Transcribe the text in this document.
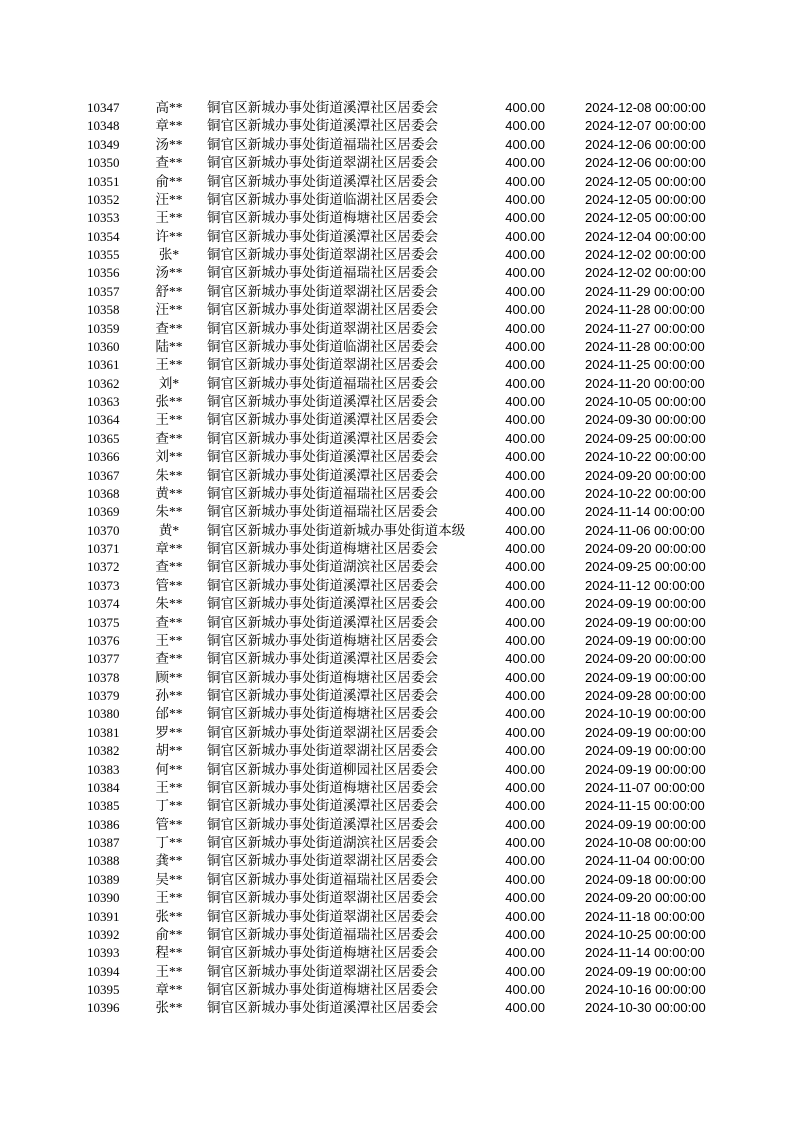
10347	高**	铜官区新城办事处街道溪潭社区居委会	400.00	2024-12-08 00:00:00
10348	章**	铜官区新城办事处街道溪潭社区居委会	400.00	2024-12-07 00:00:00
10349	汤**	铜官区新城办事处街道福瑞社区居委会	400.00	2024-12-06 00:00:00
10350	查**	铜官区新城办事处街道翠湖社区居委会	400.00	2024-12-06 00:00:00
10351	俞**	铜官区新城办事处街道溪潭社区居委会	400.00	2024-12-05 00:00:00
10352	汪**	铜官区新城办事处街道临湖社区居委会	400.00	2024-12-05 00:00:00
10353	王**	铜官区新城办事处街道梅塘社区居委会	400.00	2024-12-05 00:00:00
10354	许**	铜官区新城办事处街道溪潭社区居委会	400.00	2024-12-04 00:00:00
10355	张*	铜官区新城办事处街道翠湖社区居委会	400.00	2024-12-02 00:00:00
10356	汤**	铜官区新城办事处街道福瑞社区居委会	400.00	2024-12-02 00:00:00
10357	舒**	铜官区新城办事处街道翠湖社区居委会	400.00	2024-11-29 00:00:00
10358	汪**	铜官区新城办事处街道翠湖社区居委会	400.00	2024-11-28 00:00:00
10359	查**	铜官区新城办事处街道翠湖社区居委会	400.00	2024-11-27 00:00:00
10360	陆**	铜官区新城办事处街道临湖社区居委会	400.00	2024-11-28 00:00:00
10361	王**	铜官区新城办事处街道翠湖社区居委会	400.00	2024-11-25 00:00:00
10362	刘*	铜官区新城办事处街道福瑞社区居委会	400.00	2024-11-20 00:00:00
10363	张**	铜官区新城办事处街道溪潭社区居委会	400.00	2024-10-05 00:00:00
10364	王**	铜官区新城办事处街道溪潭社区居委会	400.00	2024-09-30 00:00:00
10365	查**	铜官区新城办事处街道溪潭社区居委会	400.00	2024-09-25 00:00:00
10366	刘**	铜官区新城办事处街道溪潭社区居委会	400.00	2024-10-22 00:00:00
10367	朱**	铜官区新城办事处街道溪潭社区居委会	400.00	2024-09-20 00:00:00
10368	黄**	铜官区新城办事处街道福瑞社区居委会	400.00	2024-10-22 00:00:00
10369	朱**	铜官区新城办事处街道福瑞社区居委会	400.00	2024-11-14 00:00:00
10370	黄*	铜官区新城办事处街道新城办事处街道本级	400.00	2024-11-06 00:00:00
10371	章**	铜官区新城办事处街道梅塘社区居委会	400.00	2024-09-20 00:00:00
10372	查**	铜官区新城办事处街道湖滨社区居委会	400.00	2024-09-25 00:00:00
10373	管**	铜官区新城办事处街道溪潭社区居委会	400.00	2024-11-12 00:00:00
10374	朱**	铜官区新城办事处街道溪潭社区居委会	400.00	2024-09-19 00:00:00
10375	查**	铜官区新城办事处街道溪潭社区居委会	400.00	2024-09-19 00:00:00
10376	王**	铜官区新城办事处街道梅塘社区居委会	400.00	2024-09-19 00:00:00
10377	查**	铜官区新城办事处街道溪潭社区居委会	400.00	2024-09-20 00:00:00
10378	顾**	铜官区新城办事处街道梅塘社区居委会	400.00	2024-09-19 00:00:00
10379	孙**	铜官区新城办事处街道溪潭社区居委会	400.00	2024-09-28 00:00:00
10380	邰**	铜官区新城办事处街道梅塘社区居委会	400.00	2024-10-19 00:00:00
10381	罗**	铜官区新城办事处街道翠湖社区居委会	400.00	2024-09-19 00:00:00
10382	胡**	铜官区新城办事处街道翠湖社区居委会	400.00	2024-09-19 00:00:00
10383	何**	铜官区新城办事处街道柳园社区居委会	400.00	2024-09-19 00:00:00
10384	王**	铜官区新城办事处街道梅塘社区居委会	400.00	2024-11-07 00:00:00
10385	丁**	铜官区新城办事处街道溪潭社区居委会	400.00	2024-11-15 00:00:00
10386	管**	铜官区新城办事处街道溪潭社区居委会	400.00	2024-09-19 00:00:00
10387	丁**	铜官区新城办事处街道湖滨社区居委会	400.00	2024-10-08 00:00:00
10388	龚**	铜官区新城办事处街道翠湖社区居委会	400.00	2024-11-04 00:00:00
10389	吴**	铜官区新城办事处街道福瑞社区居委会	400.00	2024-09-18 00:00:00
10390	王**	铜官区新城办事处街道翠湖社区居委会	400.00	2024-09-20 00:00:00
10391	张**	铜官区新城办事处街道翠湖社区居委会	400.00	2024-11-18 00:00:00
10392	俞**	铜官区新城办事处街道福瑞社区居委会	400.00	2024-10-25 00:00:00
10393	程**	铜官区新城办事处街道梅塘社区居委会	400.00	2024-11-14 00:00:00
10394	王**	铜官区新城办事处街道翠湖社区居委会	400.00	2024-09-19 00:00:00
10395	章**	铜官区新城办事处街道梅塘社区居委会	400.00	2024-10-16 00:00:00
10396	张**	铜官区新城办事处街道溪潭社区居委会	400.00	2024-10-30 00:00:00
